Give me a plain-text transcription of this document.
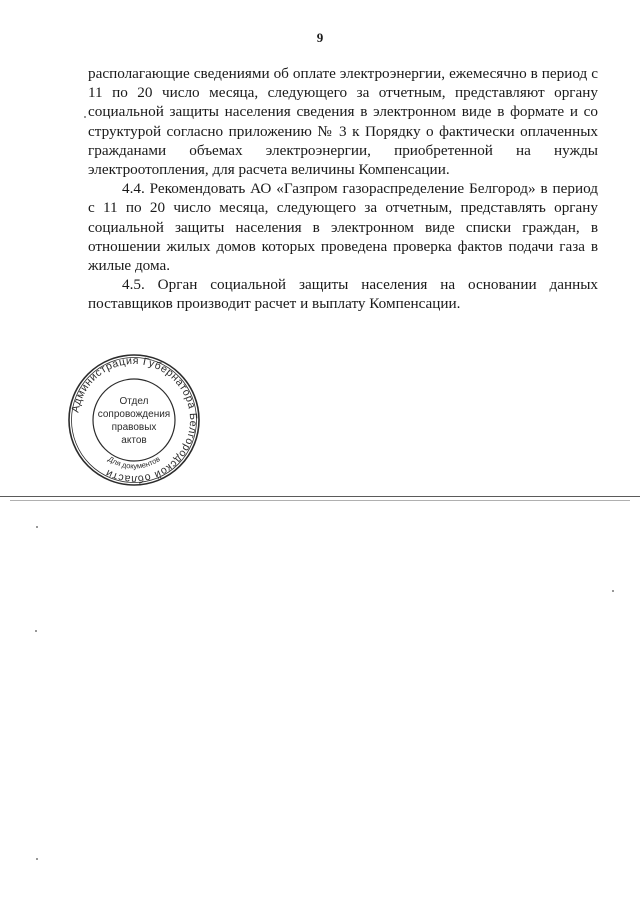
9

располагающие сведениями об оплате электроэнергии, ежемесячно в период с 11 по 20 число месяца, следующего за отчетным, представляют органу социальной защиты населения сведения в электронном виде в формате и со структурой согласно приложению № 3 к Порядку о фактически оплаченных гражданами объемах электроэнергии, приобретенной на нужды электроотопления, для расчета величины Компенсации.

4.4. Рекомендовать АО «Газпром газораспределение Белгород» в период с 11 по 20 число месяца, следующего за отчетным, представлять органу социальной защиты населения в электронном виде списки граждан, в отношении жилых домов которых проведена проверка фактов подачи газа в жилые дома.

4.5. Орган социальной защиты населения на основании данных поставщиков производит расчет и выплату Компенсации.

Администрация Губернатора Белгородской области
Для документов
Отдел
сопровождения
правовых
актов
